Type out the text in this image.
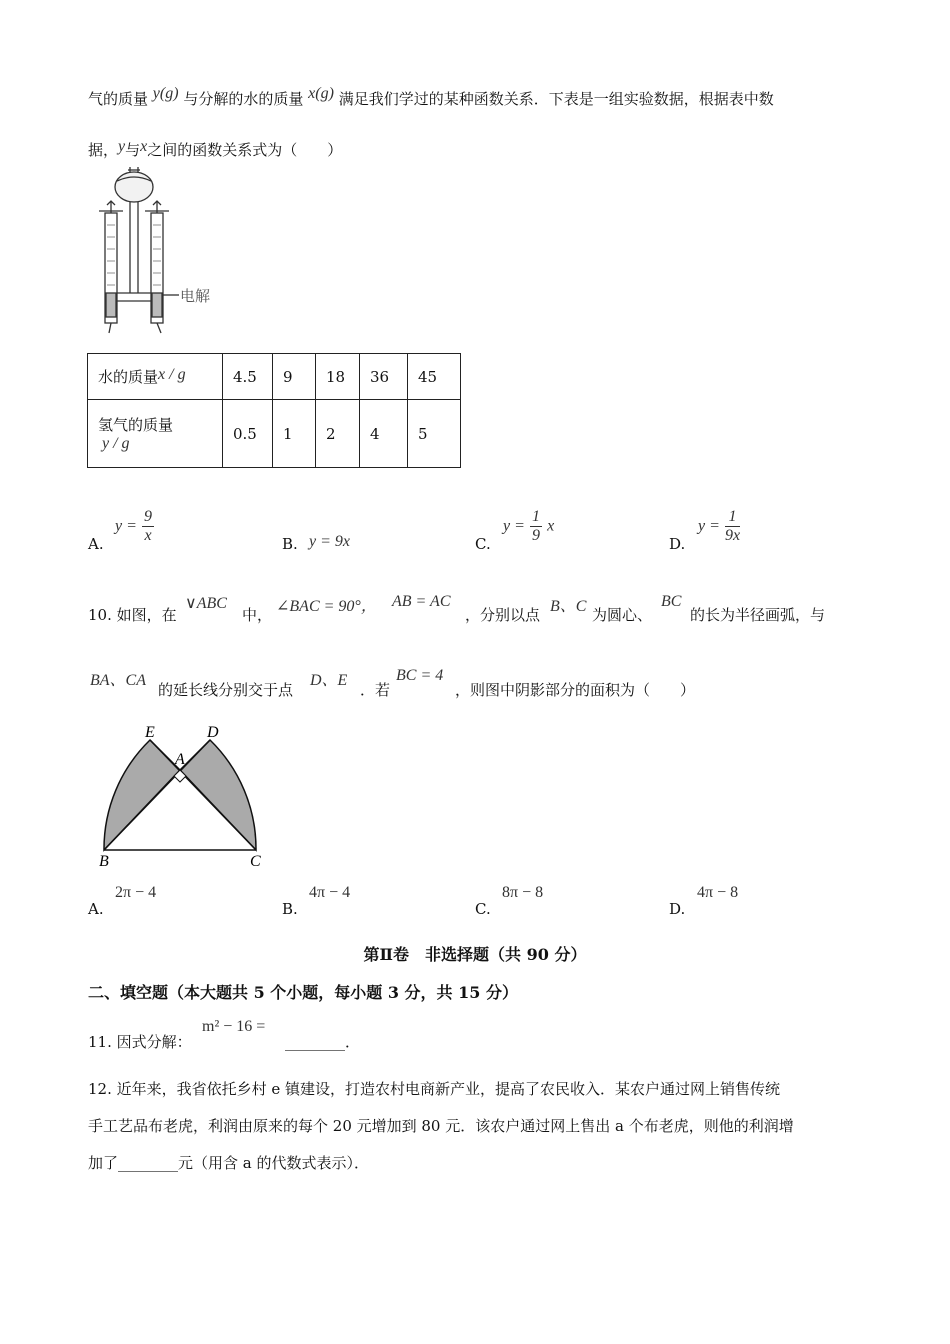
气的质量 y(g) 与分解的水的质量 x(g) 满足我们学过的某种函数关系．下表是一组实验数据，根据表中数
据，y与x之间的函数关系式为（　　）
电解
水的质量x / g	4.5	9	18	36	45

氢气的质量
y / g	0.5	1	2	4	5
A.
$y = \frac{9}{x}$	B. y = 9x	C.
$y = \frac{1}{9}$ x
D.
$y = \frac{1}{9x}$
10. 如图，在
∨ABC
中， ∠BAC = 90°， AB = AC
，分别以点 B、C 为圆心、
BC
的长为半径画弧，与
BA、CA
的延长线分别交于点
D、E
．若
BC = 4
，则图中阴影部分的面积为（　　）
E	D
A
B	C
A.
2π − 4
B.
4π − 4
C.
8π − 8
D.
4π − 8
第Ⅱ卷　非选择题（共 90 分）
二、填空题（本大题共 5 个小题，每小题 3 分，共 15 分）
11. 因式分解：
m² − 16 =
________．
12. 近年来，我省依托乡村 e 镇建设，打造农村电商新产业，提高了农民收入．某农户通过网上销售传统
手工艺品布老虎，利润由原来的每个 20 元增加到 80 元．该农户通过网上售出 a 个布老虎，则他的利润增
加了________元（用含 a 的代数式表示）．
